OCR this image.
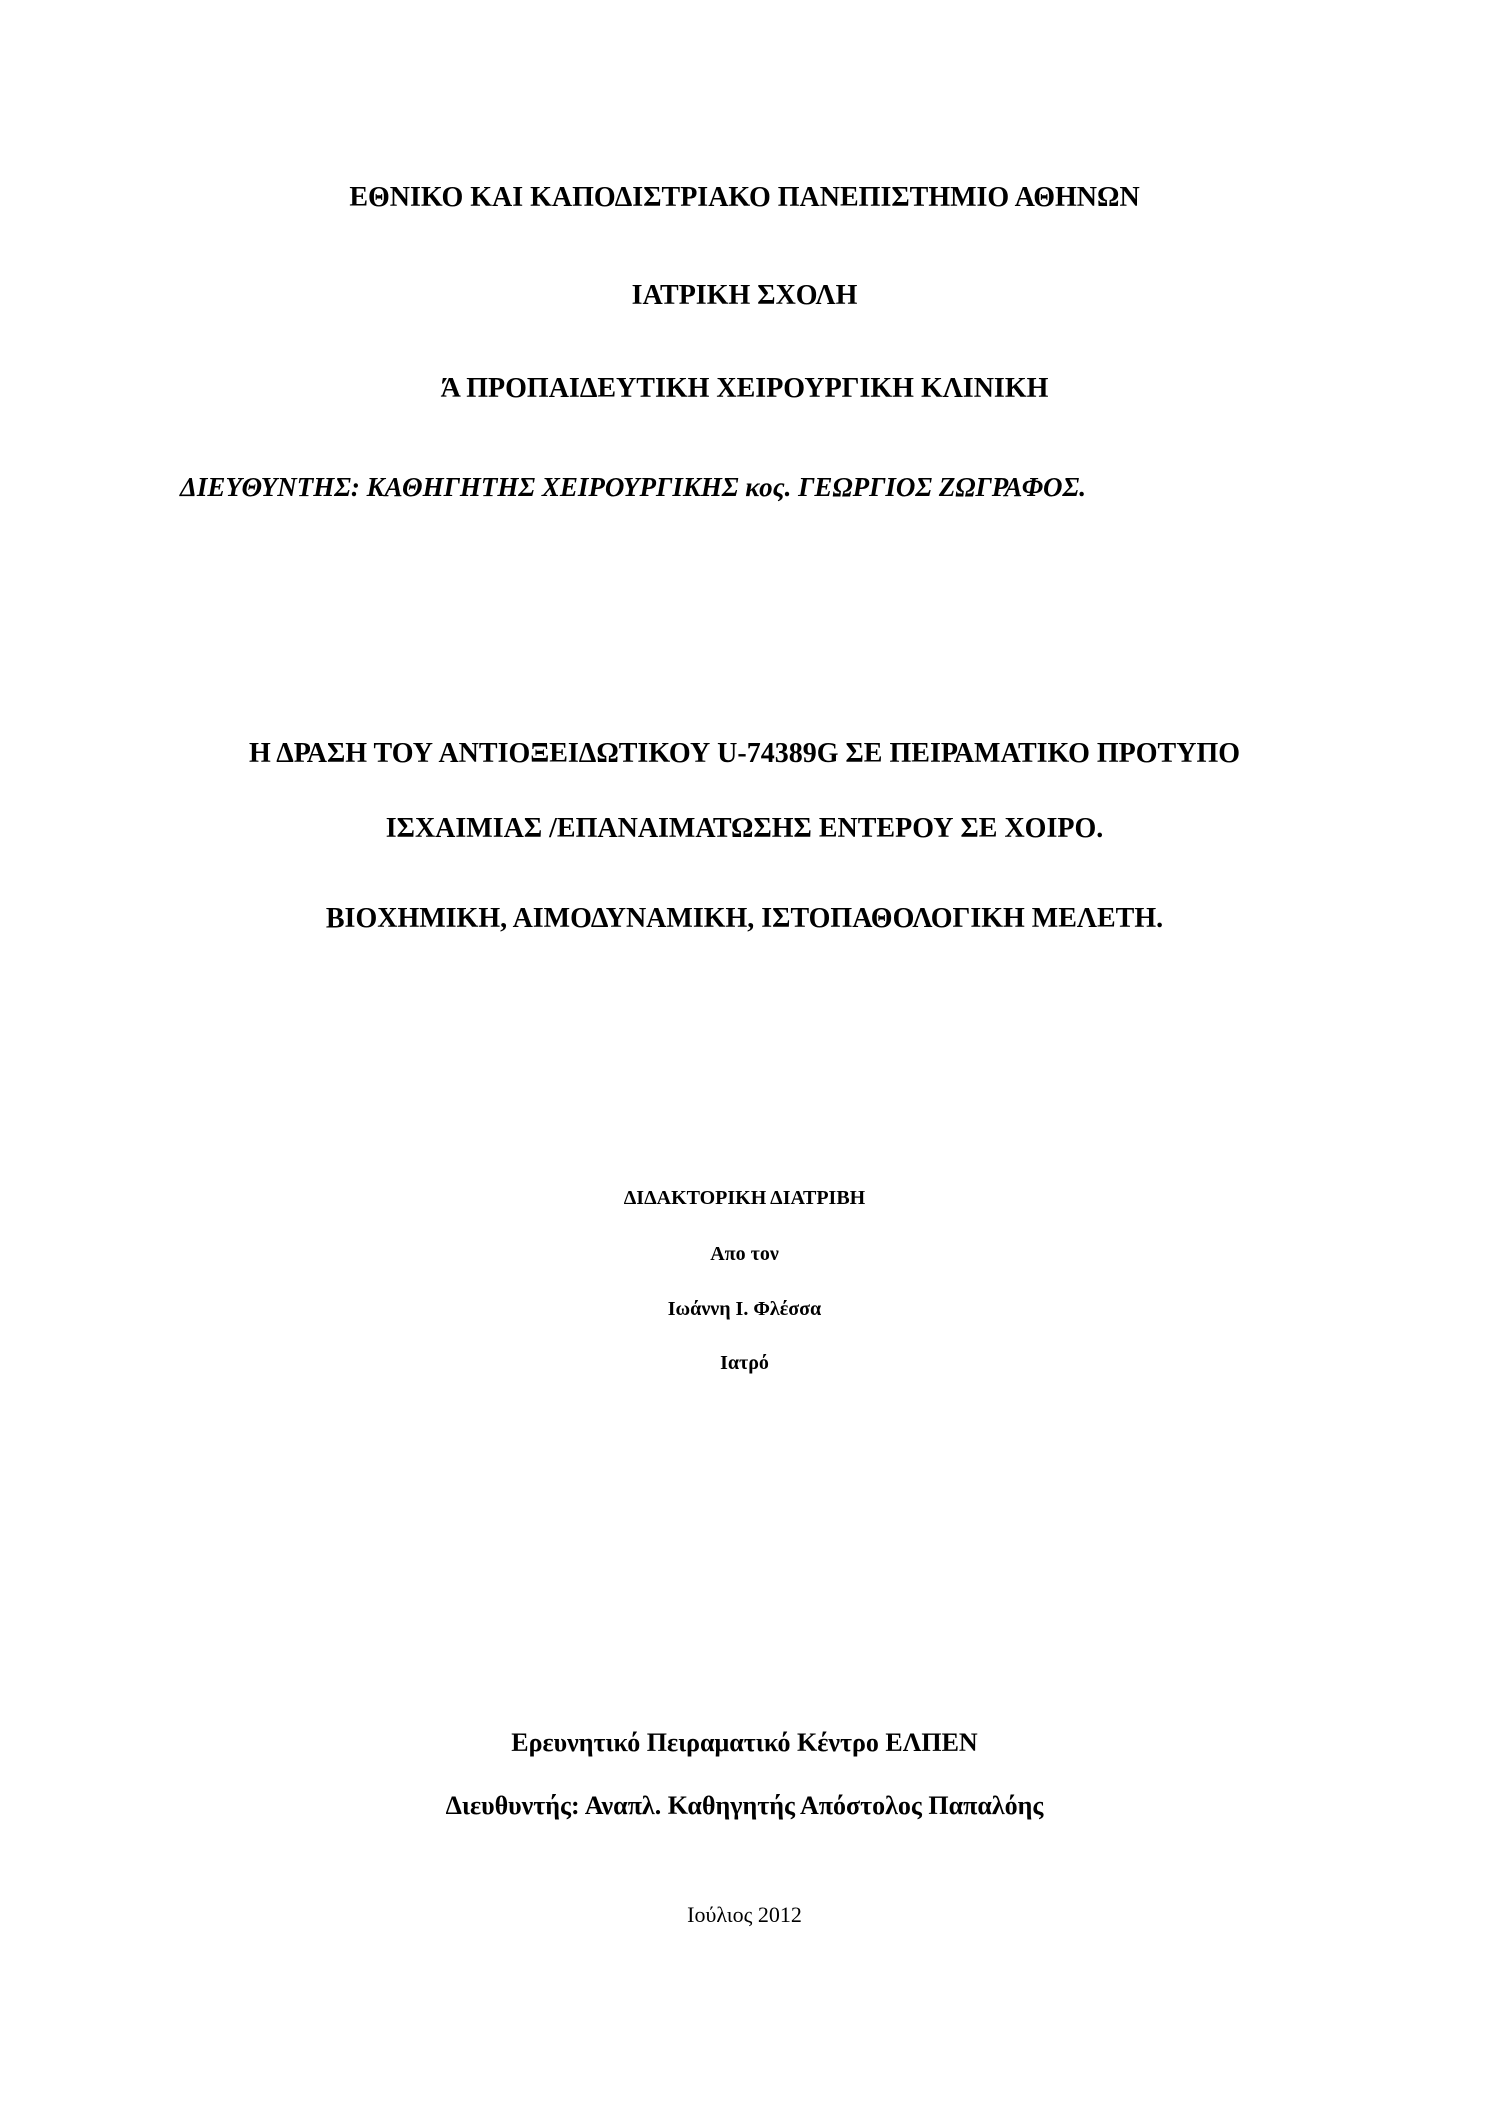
ΕΘΝΙΚΟ ΚΑΙ ΚΑΠΟΔΙΣΤΡΙΑΚΟ ΠΑΝΕΠΙΣΤΗΜΙΟ ΑΘΗΝΩΝ
ΙΑΤΡΙΚΗ ΣΧΟΛΗ
Ά ΠΡΟΠΑΙΔΕΥΤΙΚΗ ΧΕΙΡΟΥΡΓΙΚΗ ΚΛΙΝΙΚΗ
ΔΙΕΥΘΥΝΤΗΣ: ΚΑΘΗΓΗΤΗΣ ΧΕΙΡΟΥΡΓΙΚΗΣ κος. ΓΕΩΡΓΙΟΣ ΖΩΓΡΑΦΟΣ.
Η ΔΡΑΣΗ ΤΟΥ ΑΝΤΙΟΞΕΙΔΩΤΙΚΟΥ U-74389G ΣΕ ΠΕΙΡΑΜΑΤΙΚΟ ΠΡΟΤΥΠΟ
ΙΣΧΑΙΜΙΑΣ /ΕΠΑΝΑΙΜΑΤΩΣΗΣ ΕΝΤΕΡΟΥ ΣΕ ΧΟΙΡΟ.
ΒΙΟΧΗΜΙΚΗ, ΑΙΜΟΔΥΝΑΜΙΚΗ, ΙΣΤΟΠΑΘΟΛΟΓΙΚΗ ΜΕΛΕΤΗ.
ΔΙΔΑΚΤΟΡΙΚΗ ΔΙΑΤΡΙΒΗ
Απο τον
Ιωάννη Ι. Φλέσσα
Ιατρό
Ερευνητικό Πειραματικό Κέντρο ΕΛΠΕΝ
Διευθυντής: Αναπλ. Καθηγητής Απόστολος Παπαλόης
Ιούλιος 2012
